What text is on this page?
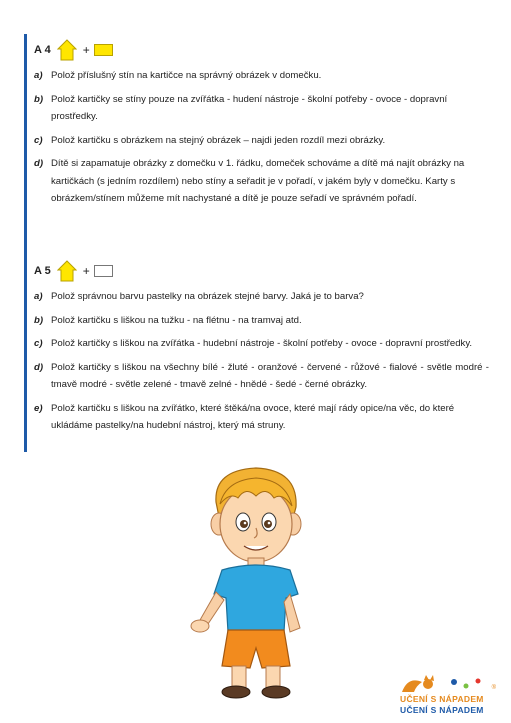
A 4	+
a) Polož příslušný stín na kartičce na správný obrázek v domečku.
b) Polož kartičky se stíny pouze na zvířátka - hudení nástroje - školní potřeby - ovoce - dopravní prostředky.
c) Polož kartičku s obrázkem na stejný obrázek – najdi jeden rozdíl mezi obrázky.
d) Dítě si zapamatuje obrázky z domečku v 1. řádku, domeček schováme a dítě má najít obrázky na kartičkách (s jedním rozdílem) nebo stíny a seřadit je v pořadí, v jakém byly v domečku. Karty s obrázkem/stínem můžeme mít nachystané a dítě je pouze seřadí ve správném pořadí.
A 5	+
a) Polož správnou barvu pastelky na obrázek stejné barvy. Jaká je to barva?
b) Polož kartičku s liškou na tužku - na flétnu - na tramvaj atd.
c) Polož kartičky s liškou na zvířátka - hudební nástroje - školní potřeby - ovoce - dopravní prostředky.
d) Polož kartičky s liškou na všechny bílé - žluté - oranžové - červené - růžové - fialové - světle modré - tmavě modré - světle zelené - tmavě zelné - hnědé - šedé - černé obrázky.
e) Polož kartičku s liškou na zvířátko, které štěká/na ovoce, které mají rády opice/na věc, do které ukládáme pastelky/na hudební nástroj, který má struny.
®
UČENÍ S NÁPADEM
UČENÍ S NÁPADEM
